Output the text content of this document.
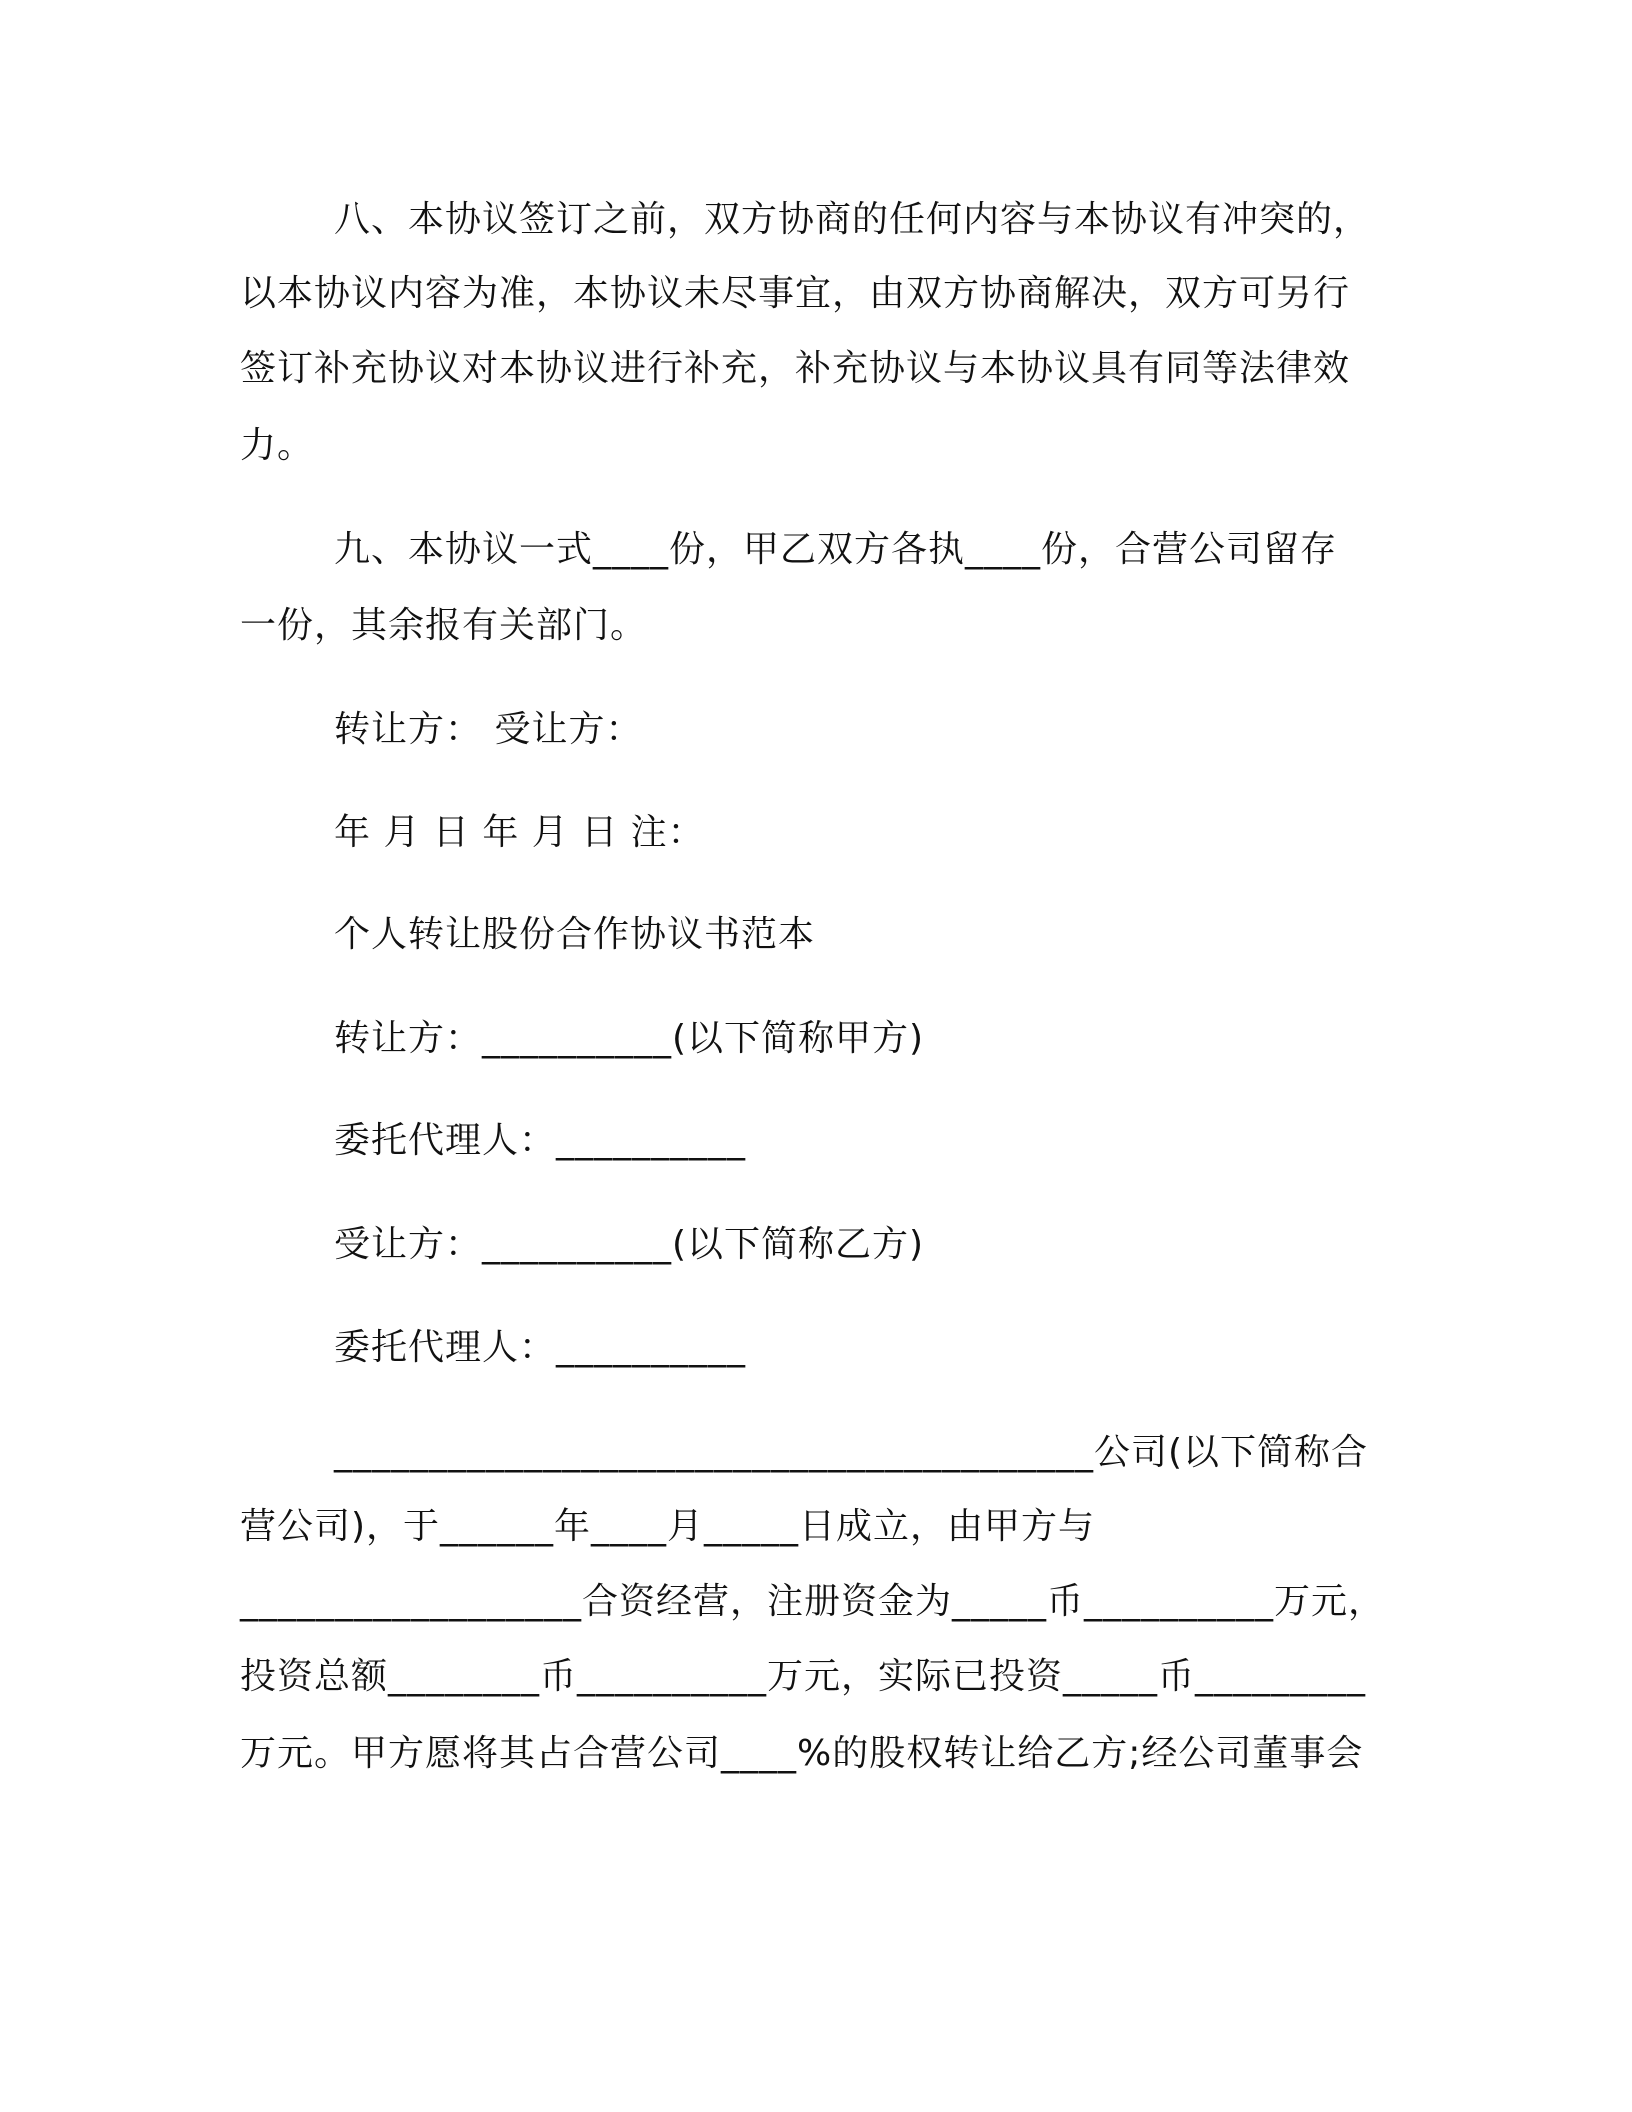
八、本协议签订之前，双方协商的任何内容与本协议有冲突的，
以本协议内容为准，本协议未尽事宜，由双方协商解决，双方可另行
签订补充协议对本协议进行补充，补充协议与本协议具有同等法律效
力。
九、本协议一式____份，甲乙双方各执____份，合营公司留存
一份，其余报有关部门。
转让方： 受让方：
年 月 日 年 月 日 注：
个人转让股份合作协议书范本
转让方：__________(以下简称甲方)
委托代理人：__________
受让方：__________(以下简称乙方)
委托代理人：__________
________________________________________公司(以下简称合
营公司)，于______年____月_____日成立，由甲方与
__________________合资经营，注册资金为_____币__________万元，
投资总额________币__________万元，实际已投资_____币_________
万元。甲方愿将其占合营公司____%的股权转让给乙方;经公司董事会
